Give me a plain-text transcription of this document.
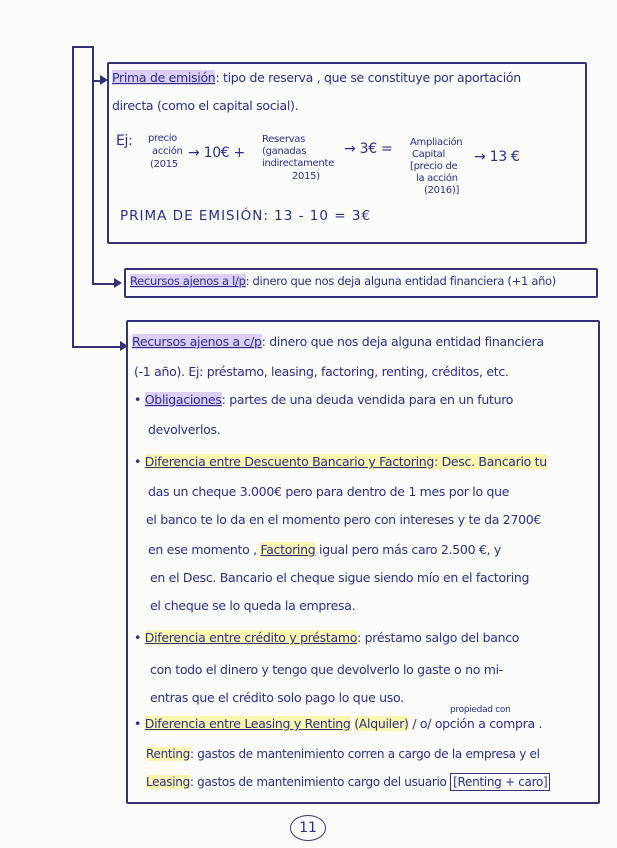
Prima de emisión: tipo de reserva , que se constituye por aportación
directa (como el capital social).
Ej: precio
acción
(2015
→ 10€ +
Reservas
(ganadas
indirectamente
2015)
→ 3€ = Ampliación
Capital
[precio de
la acción
(2016)]
→ 13 €
PRIMA DE EMISIÓN: 13 - 10 = 3€
Recursos ajenos a l/p: dinero que nos deja alguna entidad financiera (+1 año)
Recursos ajenos a c/p: dinero que nos deja alguna entidad financiera
(-1 año). Ej: préstamo, leasing, factoring, renting, créditos, etc.
• Obligaciones: partes de una deuda vendida para en un futuro
devolverlos.
• Diferencia entre Descuento Bancario y Factoring: Desc. Bancario tu
das un cheque 3.000€ pero para dentro de 1 mes por lo que
el banco te lo da en el momento pero con intereses y te da 2700€
en ese momento , Factoring igual pero más caro 2.500 €, y
en el Desc. Bancario el cheque sigue siendo mío en el factoring
el cheque se lo queda la empresa.
• Diferencia entre crédito y préstamo: préstamo salgo del banco
con todo el dinero y tengo que devolverlo lo gaste o no mi-
entras que el crédito solo pago lo que uso.
propiedad con
• Diferencia entre Leasing y Renting (Alquiler) / o/ opción a compra .
Renting: gastos de mantenimiento corren a cargo de la empresa y el
Leasing: gastos de mantenimiento cargo del usuario [Renting + caro]
11
